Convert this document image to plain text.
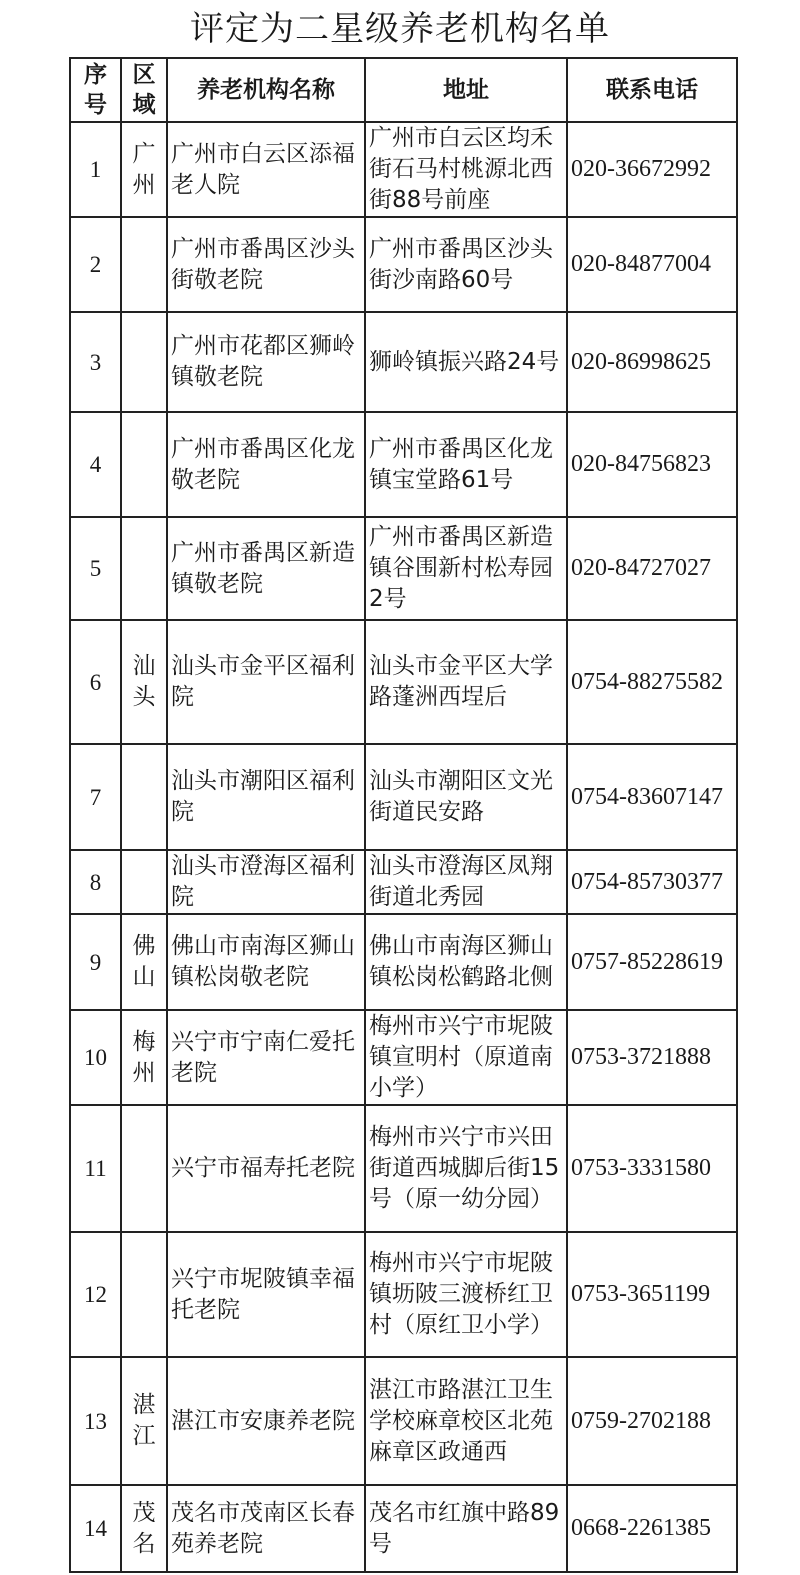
评定为二星级养老机构名单
序号	区域	养老机构名称	地址	联系电话
1	广州	广州市白云区添福老人院	广州市白云区均禾街石马村桃源北西街88号前座	020-36672992
2		广州市番禺区沙头街敬老院	广州市番禺区沙头街沙南路60号	020-84877004
3		广州市花都区狮岭镇敬老院	狮岭镇振兴路24号	020-86998625
4		广州市番禺区化龙敬老院	广州市番禺区化龙镇宝堂路61号	020-84756823
5		广州市番禺区新造镇敬老院	广州市番禺区新造镇谷围新村松寿园2号	020-84727027
6	汕头	汕头市金平区福利院	汕头市金平区大学路蓬洲西埕后	0754-88275582
7		汕头市潮阳区福利院	汕头市潮阳区文光街道民安路	0754-83607147
8		汕头市澄海区福利院	汕头市澄海区凤翔街道北秀园	0754-85730377
9	佛山	佛山市南海区狮山镇松岗敬老院	佛山市南海区狮山镇松岗松鹤路北侧	0757-85228619
10	梅州	兴宁市宁南仁爱托老院	梅州市兴宁市坭陂镇宣明村（原道南小学）	0753-3721888
11		兴宁市福寿托老院	梅州市兴宁市兴田街道西城脚后街15号（原一幼分园）	0753-3331580
12		兴宁市坭陂镇幸福托老院	梅州市兴宁市坭陂镇坜陂三渡桥红卫村（原红卫小学）	0753-3651199
13	湛江	湛江市安康养老院	湛江市路湛江卫生学校麻章校区北苑麻章区政通西	0759-2702188
14	茂名	茂名市茂南区长春苑养老院	茂名市红旗中路89号	0668-2261385
